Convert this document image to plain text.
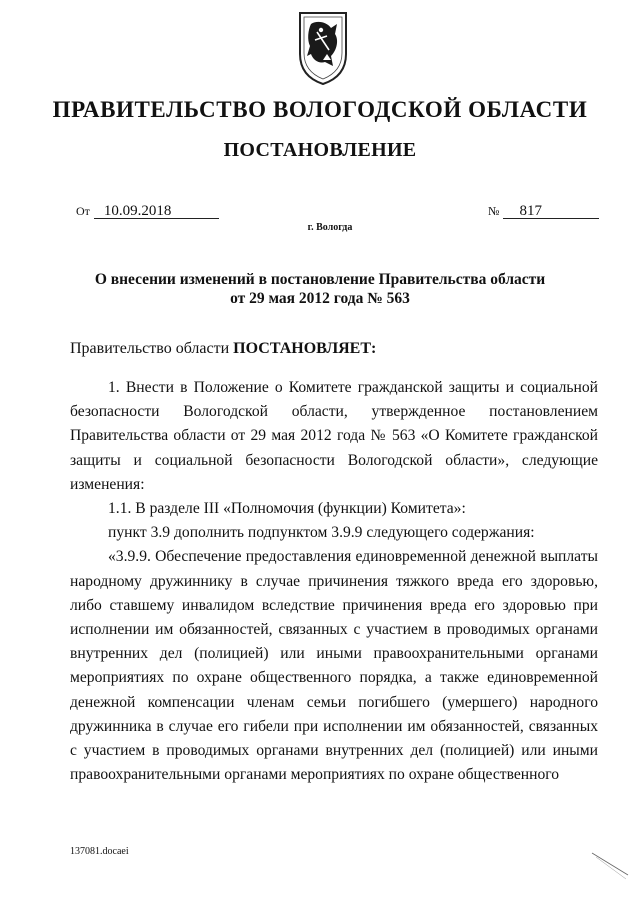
ПРАВИТЕЛЬСТВО ВОЛОГОДСКОЙ ОБЛАСТИ
ПОСТАНОВЛЕНИЕ
От 10.09.2018	№ 817
г. Вологда
О внесении изменений в постановление Правительства области
от 29 мая 2012 года № 563
Правительство области ПОСТАНОВЛЯЕТ:

1. Внести в Положение о Комитете гражданской защиты и социальной безопасности Вологодской области, утвержденное постановлением Правительства области от 29 мая 2012 года № 563 «О Комитете гражданской защиты и социальной безопасности Вологодской области», следующие изменения:

1.1. В разделе III «Полномочия (функции) Комитета»:

пункт 3.9 дополнить подпунктом 3.9.9 следующего содержания:

«3.9.9. Обеспечение предоставления единовременной денежной выплаты народному дружиннику в случае причинения тяжкого вреда его здоровью, либо ставшему инвалидом вследствие причинения вреда его здоровью при исполнении им обязанностей, связанных с участием в проводимых органами внутренних дел (полицией) или иными правоохранительными органами мероприятиях по охране общественного порядка, а также единовременной денежной компенсации членам семьи погибшего (умершего) народного дружинника в случае его гибели при исполнении им обязанностей, связанных с участием в проводимых органами внутренних дел (полицией) или иными правоохранительными органами мероприятиях по охране общественного

137081.docaei
